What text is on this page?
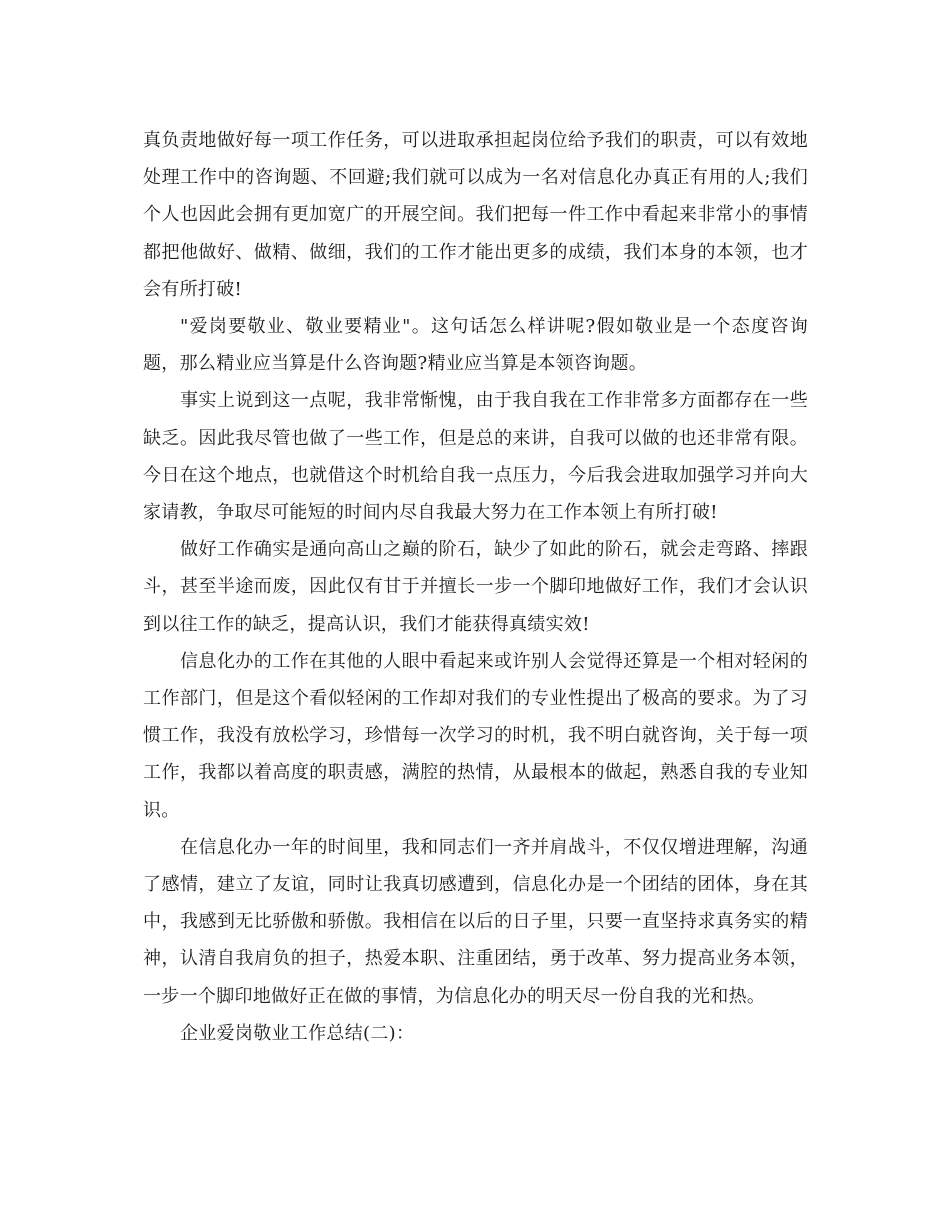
真负责地做好每一项工作任务，可以进取承担起岗位给予我们的职责，可以有效地处理工作中的咨询题、不回避;我们就可以成为一名对信息化办真正有用的人;我们个人也因此会拥有更加宽广的开展空间。我们把每一件工作中看起来非常小的事情都把他做好、做精、做细，我们的工作才能出更多的成绩，我们本身的本领，也才会有所打破!

"爱岗要敬业、敬业要精业"。这句话怎么样讲呢?假如敬业是一个态度咨询题，那么精业应当算是什么咨询题?精业应当算是本领咨询题。

事实上说到这一点呢，我非常惭愧，由于我自我在工作非常多方面都存在一些缺乏。因此我尽管也做了一些工作，但是总的来讲，自我可以做的也还非常有限。今日在这个地点，也就借这个时机给自我一点压力，今后我会进取加强学习并向大家请教，争取尽可能短的时间内尽自我最大努力在工作本领上有所打破!

做好工作确实是通向高山之巅的阶石，缺少了如此的阶石，就会走弯路、摔跟斗，甚至半途而废，因此仅有甘于并擅长一步一个脚印地做好工作，我们才会认识到以往工作的缺乏，提高认识，我们才能获得真绩实效!

信息化办的工作在其他的人眼中看起来或许别人会觉得还算是一个相对轻闲的工作部门，但是这个看似轻闲的工作却对我们的专业性提出了极高的要求。为了习惯工作，我没有放松学习，珍惜每一次学习的时机，我不明白就咨询，关于每一项工作，我都以着高度的职责感，满腔的热情，从最根本的做起，熟悉自我的专业知识。

在信息化办一年的时间里，我和同志们一齐并肩战斗，不仅仅增进理解，沟通了感情，建立了友谊，同时让我真切感遭到，信息化办是一个团结的团体，身在其中，我感到无比骄傲和骄傲。我相信在以后的日子里，只要一直坚持求真务实的精神，认清自我肩负的担子，热爱本职、注重团结，勇于改革、努力提高业务本领，一步一个脚印地做好正在做的事情，为信息化办的明天尽一份自我的光和热。

企业爱岗敬业工作总结(二)：
